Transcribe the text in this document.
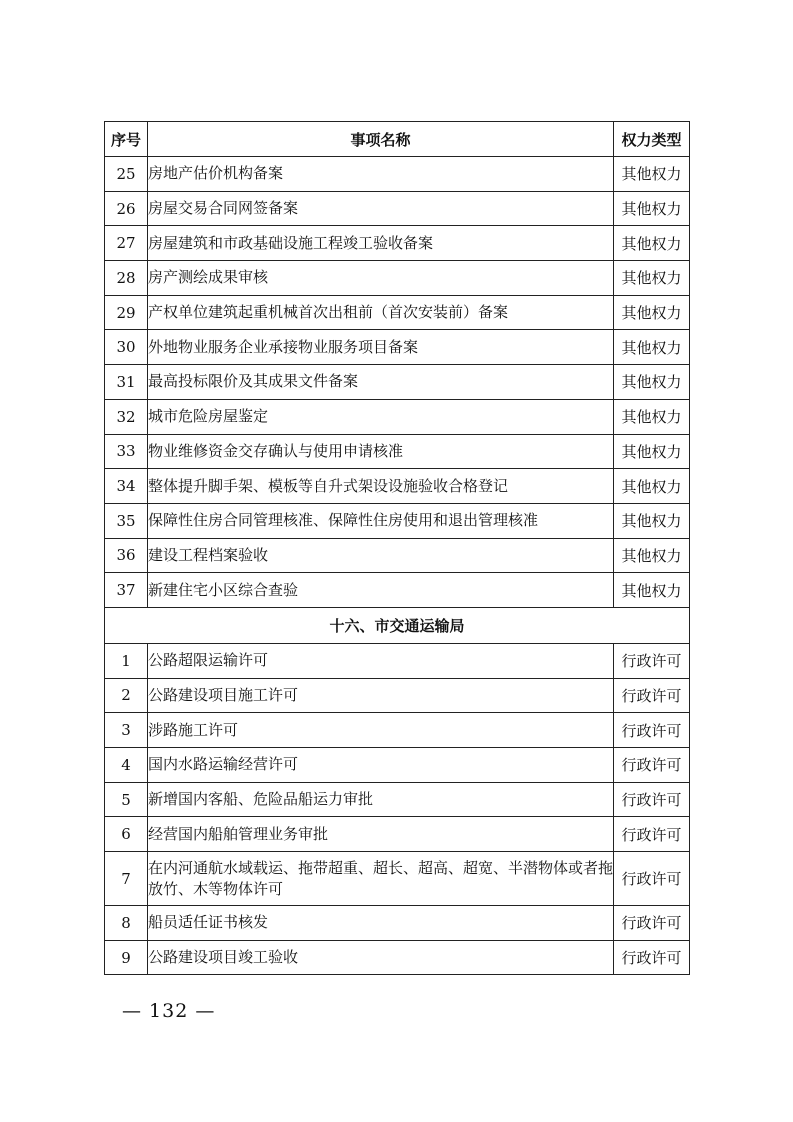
序号	事项名称	权力类型
25	房地产估价机构备案	其他权力
26	房屋交易合同网签备案	其他权力
27	房屋建筑和市政基础设施工程竣工验收备案	其他权力
28	房产测绘成果审核	其他权力
29	产权单位建筑起重机械首次出租前（首次安装前）备案	其他权力
30	外地物业服务企业承接物业服务项目备案	其他权力
31	最高投标限价及其成果文件备案	其他权力
32	城市危险房屋鉴定	其他权力
33	物业维修资金交存确认与使用申请核准	其他权力
34	整体提升脚手架、模板等自升式架设设施验收合格登记	其他权力
35	保障性住房合同管理核准、保障性住房使用和退出管理核准	其他权力
36	建设工程档案验收	其他权力
37	新建住宅小区综合查验	其他权力
十六、市交通运输局		
1	公路超限运输许可	行政许可
2	公路建设项目施工许可	行政许可
3	涉路施工许可	行政许可
4	国内水路运输经营许可	行政许可
5	新增国内客船、危险品船运力审批	行政许可
6	经营国内船舶管理业务审批	行政许可
7	在内河通航水域载运、拖带超重、超长、超高、超宽、半潜物体或者拖放竹、木等物体许可	行政许可
8	船员适任证书核发	行政许可
9	公路建设项目竣工验收	行政许可
— 132 —
